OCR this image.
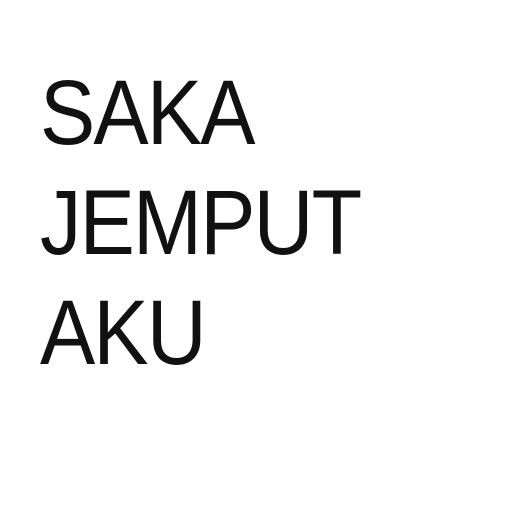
SAKA
JEMPUT
AKU
